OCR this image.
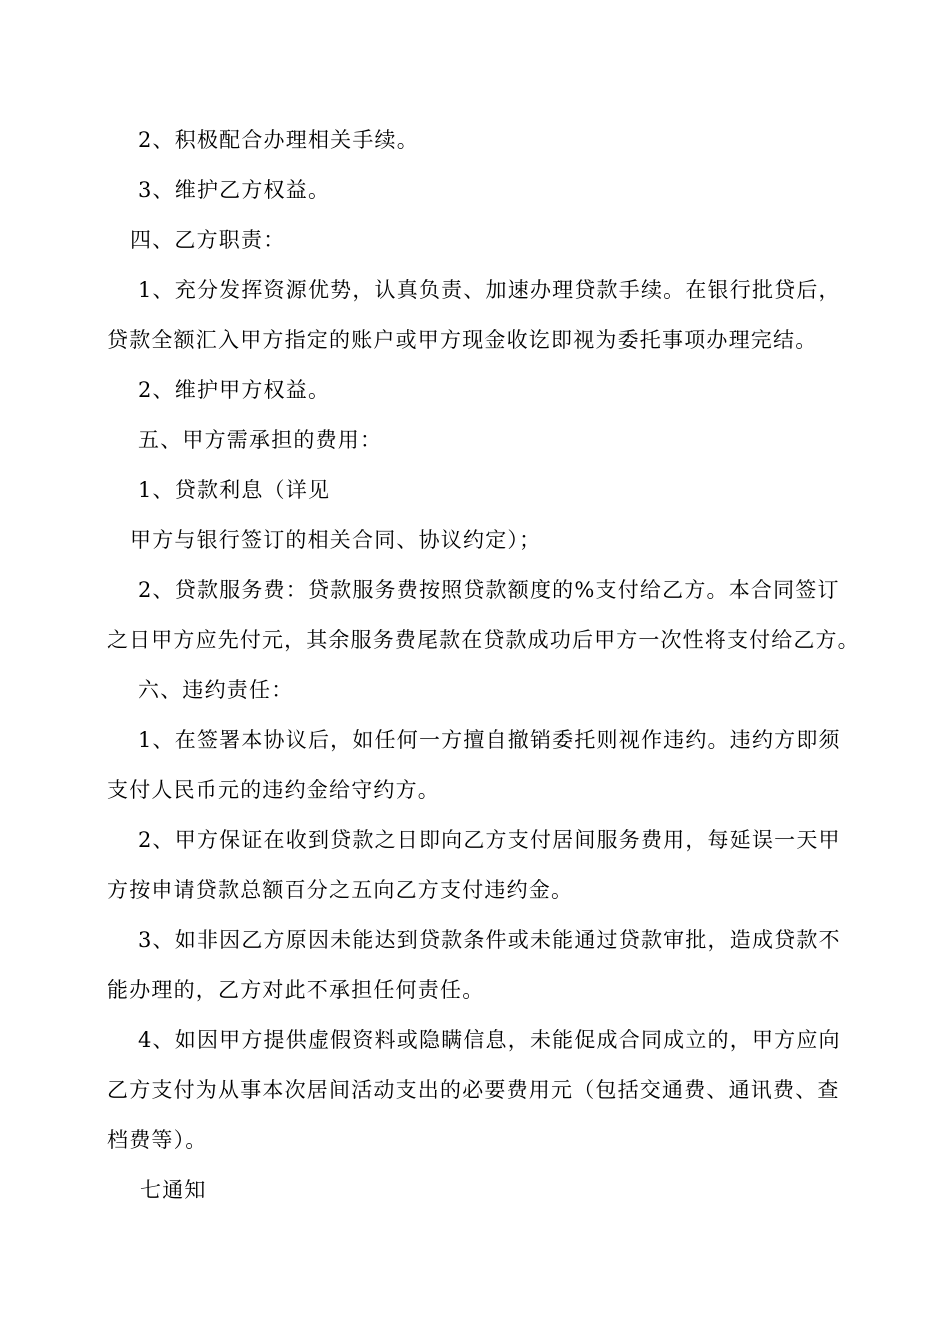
2、积极配合办理相关手续。
3、维护乙方权益。
四、乙方职责：
1、充分发挥资源优势，认真负责、加速办理贷款手续。在银行批贷后，
贷款全额汇入甲方指定的账户或甲方现金收讫即视为委托事项办理完结。
2、维护甲方权益。
五、甲方需承担的费用：
1、贷款利息（详见
甲方与银行签订的相关合同、协议约定）；
2、贷款服务费：贷款服务费按照贷款额度的%支付给乙方。本合同签订
之日甲方应先付元，其余服务费尾款在贷款成功后甲方一次性将支付给乙方。
六、违约责任：
1、在签署本协议后，如任何一方擅自撤销委托则视作违约。违约方即须
支付人民币元的违约金给守约方。
2、甲方保证在收到贷款之日即向乙方支付居间服务费用，每延误一天甲
方按申请贷款总额百分之五向乙方支付违约金。
3、如非因乙方原因未能达到贷款条件或未能通过贷款审批，造成贷款不
能办理的，乙方对此不承担任何责任。
4、如因甲方提供虚假资料或隐瞒信息，未能促成合同成立的，甲方应向
乙方支付为从事本次居间活动支出的必要费用元（包括交通费、通讯费、查
档费等）。
七通知
